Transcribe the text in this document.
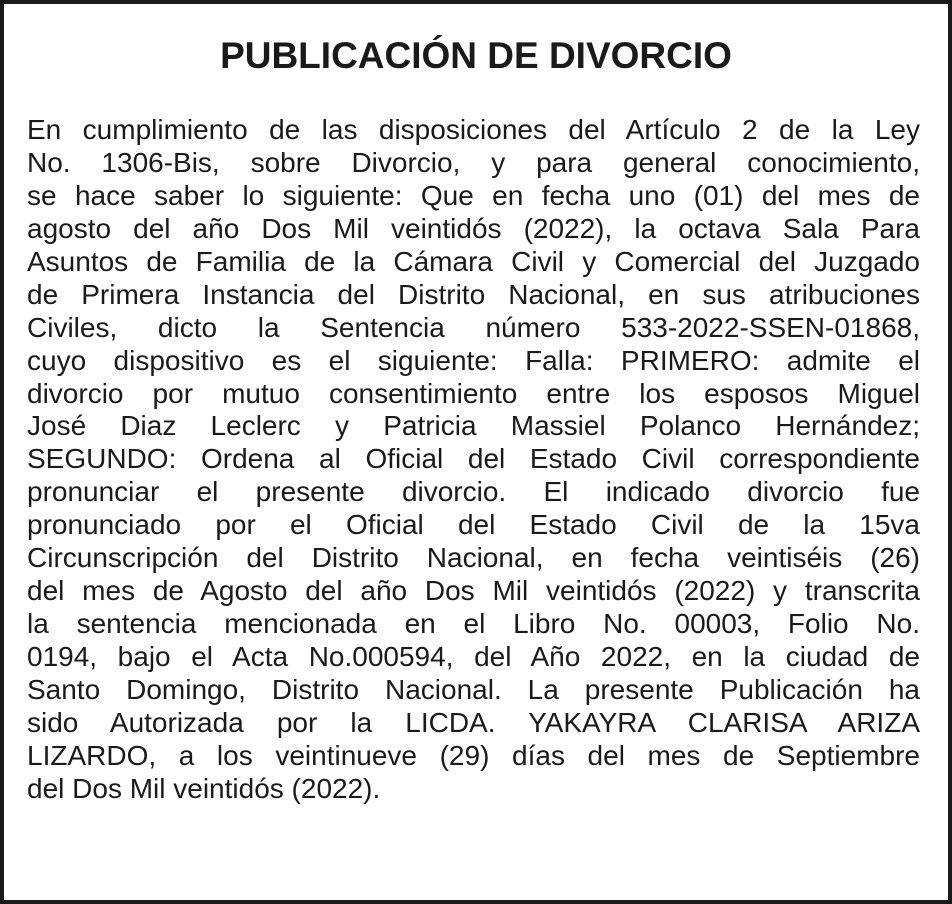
PUBLICACIÓN DE DIVORCIO
En cumplimiento de las disposiciones del Artículo 2 de la Ley
No. 1306-Bis, sobre Divorcio, y para general conocimiento,
se hace saber lo siguiente: Que en fecha uno (01) del mes de
agosto del año Dos Mil veintidós (2022), la octava Sala Para
Asuntos de Familia de la Cámara Civil y Comercial del Juzgado
de Primera Instancia del Distrito Nacional, en sus atribuciones
Civiles, dicto la Sentencia número 533-2022-SSEN-01868,
cuyo dispositivo es el siguiente: Falla: PRIMERO: admite el
divorcio por mutuo consentimiento entre los esposos Miguel
José Diaz Leclerc y Patricia Massiel Polanco Hernández;
SEGUNDO: Ordena al Oficial del Estado Civil correspondiente
pronunciar el presente divorcio. El indicado divorcio fue
pronunciado por el Oficial del Estado Civil de la 15va
Circunscripción del Distrito Nacional, en fecha veintiséis (26)
del mes de Agosto del año Dos Mil veintidós (2022) y transcrita
la sentencia mencionada en el Libro No. 00003, Folio No.
0194, bajo el Acta No.000594, del Año 2022, en la ciudad de
Santo Domingo, Distrito Nacional. La presente Publicación ha
sido Autorizada por la LICDA. YAKAYRA CLARISA ARIZA
LIZARDO, a los veintinueve (29) días del mes de Septiembre
del Dos Mil veintidós (2022).
